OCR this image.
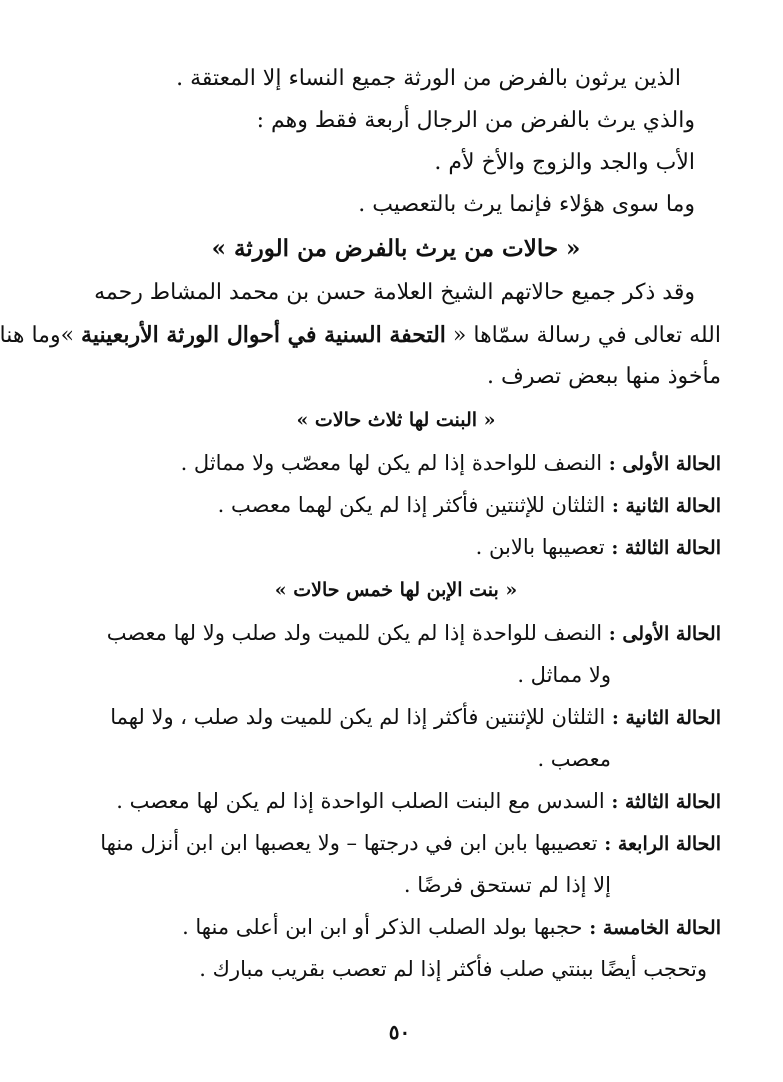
الذين يرثون بالفرض من الورثة جميع النساء إلا المعتقة .
والذي يرث بالفرض من الرجال أربعة فقط وهم :
الأب والجد والزوج والأخ لأم .
وما سوى هؤلاء فإنما يرث بالتعصيب .
« حالات من يرث بالفرض من الورثة »
وقد ذكر جميع حالاتهم الشيخ العلامة حسن بن محمد المشاط رحمه
الله تعالى في رسالة سمّاها « التحفة السنية في أحوال الورثة الأربعينية »وما هنا
مأخوذ منها ببعض تصرف .
« البنت لها ثلاث حالات »
الحالة الأولى : النصف للواحدة إذا لم يكن لها معصّب ولا مماثل .
الحالة الثانية : الثلثان للإثنتين فأكثر إذا لم يكن لهما معصب .
الحالة الثالثة : تعصيبها بالابن .
« بنت الإبن لها خمس حالات »
الحالة الأولى : النصف للواحدة إذا لم يكن للميت ولد صلب ولا لها معصب
ولا مماثل .
الحالة الثانية : الثلثان للإثنتين فأكثر إذا لم يكن للميت ولد صلب ، ولا لهما
معصب .
الحالة الثالثة : السدس مع البنت الصلب الواحدة إذا لم يكن لها معصب .
الحالة الرابعة : تعصيبها بابن ابن في درجتها – ولا يعصبها ابن ابن أنزل منها
إلا إذا لم تستحق فرضًا .
الحالة الخامسة : حجبها بولد الصلب الذكر أو ابن ابن أعلى منها .
وتحجب أيضًا ببنتي صلب فأكثر إذا لم تعصب بقريب مبارك .
٥٠
